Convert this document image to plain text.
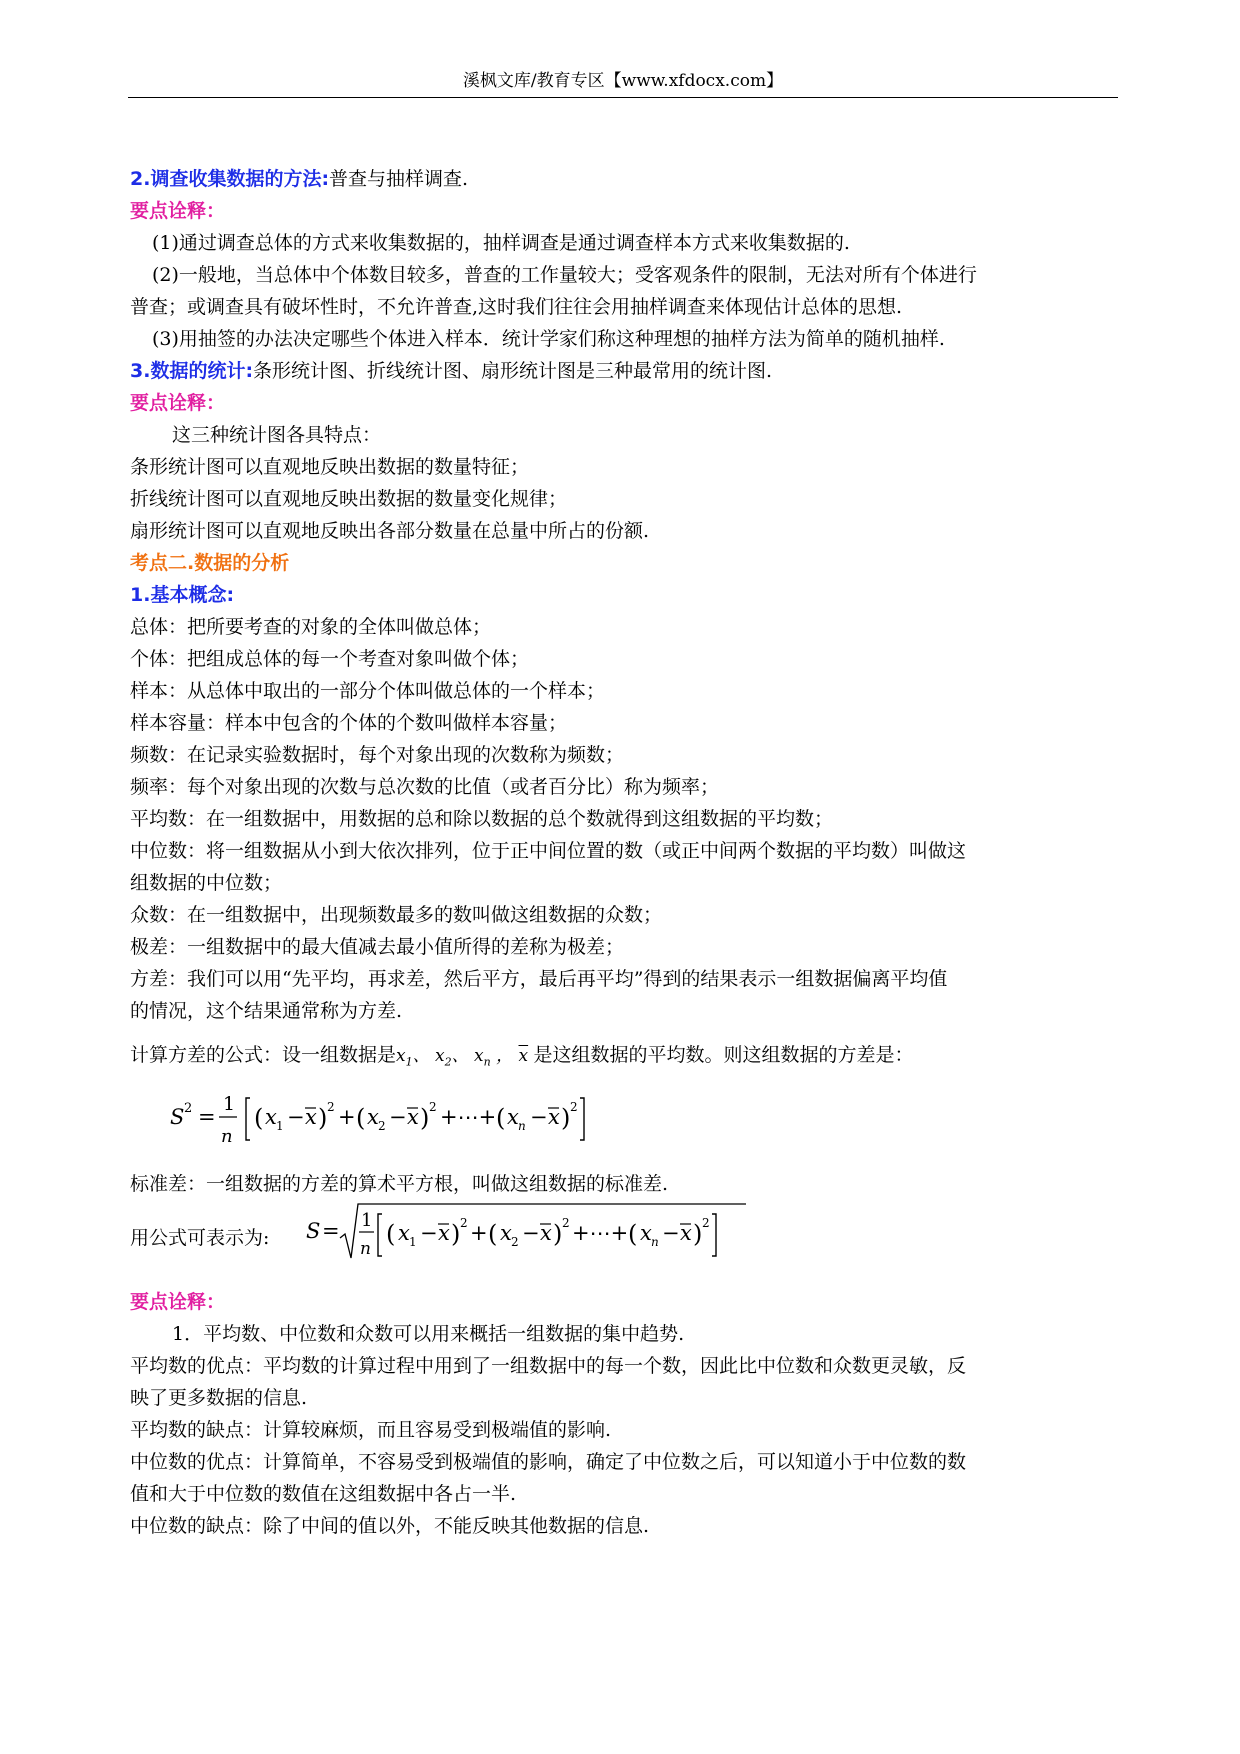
溪枫文库/教育专区【www.xfdocx.com】

2.调查收集数据的方法:普查与抽样调查.

要点诠释：

(1)通过调查总体的方式来收集数据的，抽样调查是通过调查样本方式来收集数据的.

(2)一般地，当总体中个体数目较多，普查的工作量较大；受客观条件的限制，无法对所有个体进行

普查；或调查具有破坏性时，不允许普查,这时我们往往会用抽样调查来体现估计总体的思想.

(3)用抽签的办法决定哪些个体进入样本．统计学家们称这种理想的抽样方法为简单的随机抽样.

3.数据的统计:条形统计图、折线统计图、扇形统计图是三种最常用的统计图.

要点诠释：

这三种统计图各具特点：

条形统计图可以直观地反映出数据的数量特征；

折线统计图可以直观地反映出数据的数量变化规律；

扇形统计图可以直观地反映出各部分数量在总量中所占的份额.

考点二.数据的分析

1.基本概念:

总体：把所要考查的对象的全体叫做总体；

个体：把组成总体的每一个考查对象叫做个体；

样本：从总体中取出的一部分个体叫做总体的一个样本；

样本容量：样本中包含的个体的个数叫做样本容量；

频数：在记录实验数据时，每个对象出现的次数称为频数；

频率：每个对象出现的次数与总次数的比值（或者百分比）称为频率；

平均数：在一组数据中，用数据的总和除以数据的总个数就得到这组数据的平均数；

中位数：将一组数据从小到大依次排列，位于正中间位置的数（或正中间两个数据的平均数）叫做这

组数据的中位数；

众数：在一组数据中，出现频数最多的数叫做这组数据的众数；

极差：一组数据中的最大值减去最小值所得的差称为极差；

方差：我们可以用“先平均，再求差，然后平方，最后再平均”得到的结果表示一组数据偏离平均值

的情况，这个结果通常称为方差.

计算方差的公式：设一组数据是$x_1$、 $x_2$、 $x_n$ ， $\overline{x}$ 是这组数据的平均数。则这组数据的方差是：

S 2 =
1
n
( x 1 − x ) 2 + ( x 2 − x ) 2 +⋯+ ( x n − x ) 2

标准差：一组数据的方差的算术平方根，叫做这组数据的标准差.

用公式可表示为: S = 1
n
( x 1 − x ) 2 + ( x 2 − x ) 2 +⋯+ ( x n − x ) 2

要点诠释：

1．平均数、中位数和众数可以用来概括一组数据的集中趋势.

平均数的优点：平均数的计算过程中用到了一组数据中的每一个数，因此比中位数和众数更灵敏，反

映了更多数据的信息.

平均数的缺点：计算较麻烦，而且容易受到极端值的影响.

中位数的优点：计算简单，不容易受到极端值的影响，确定了中位数之后，可以知道小于中位数的数

值和大于中位数的数值在这组数据中各占一半.

中位数的缺点：除了中间的值以外，不能反映其他数据的信息.
